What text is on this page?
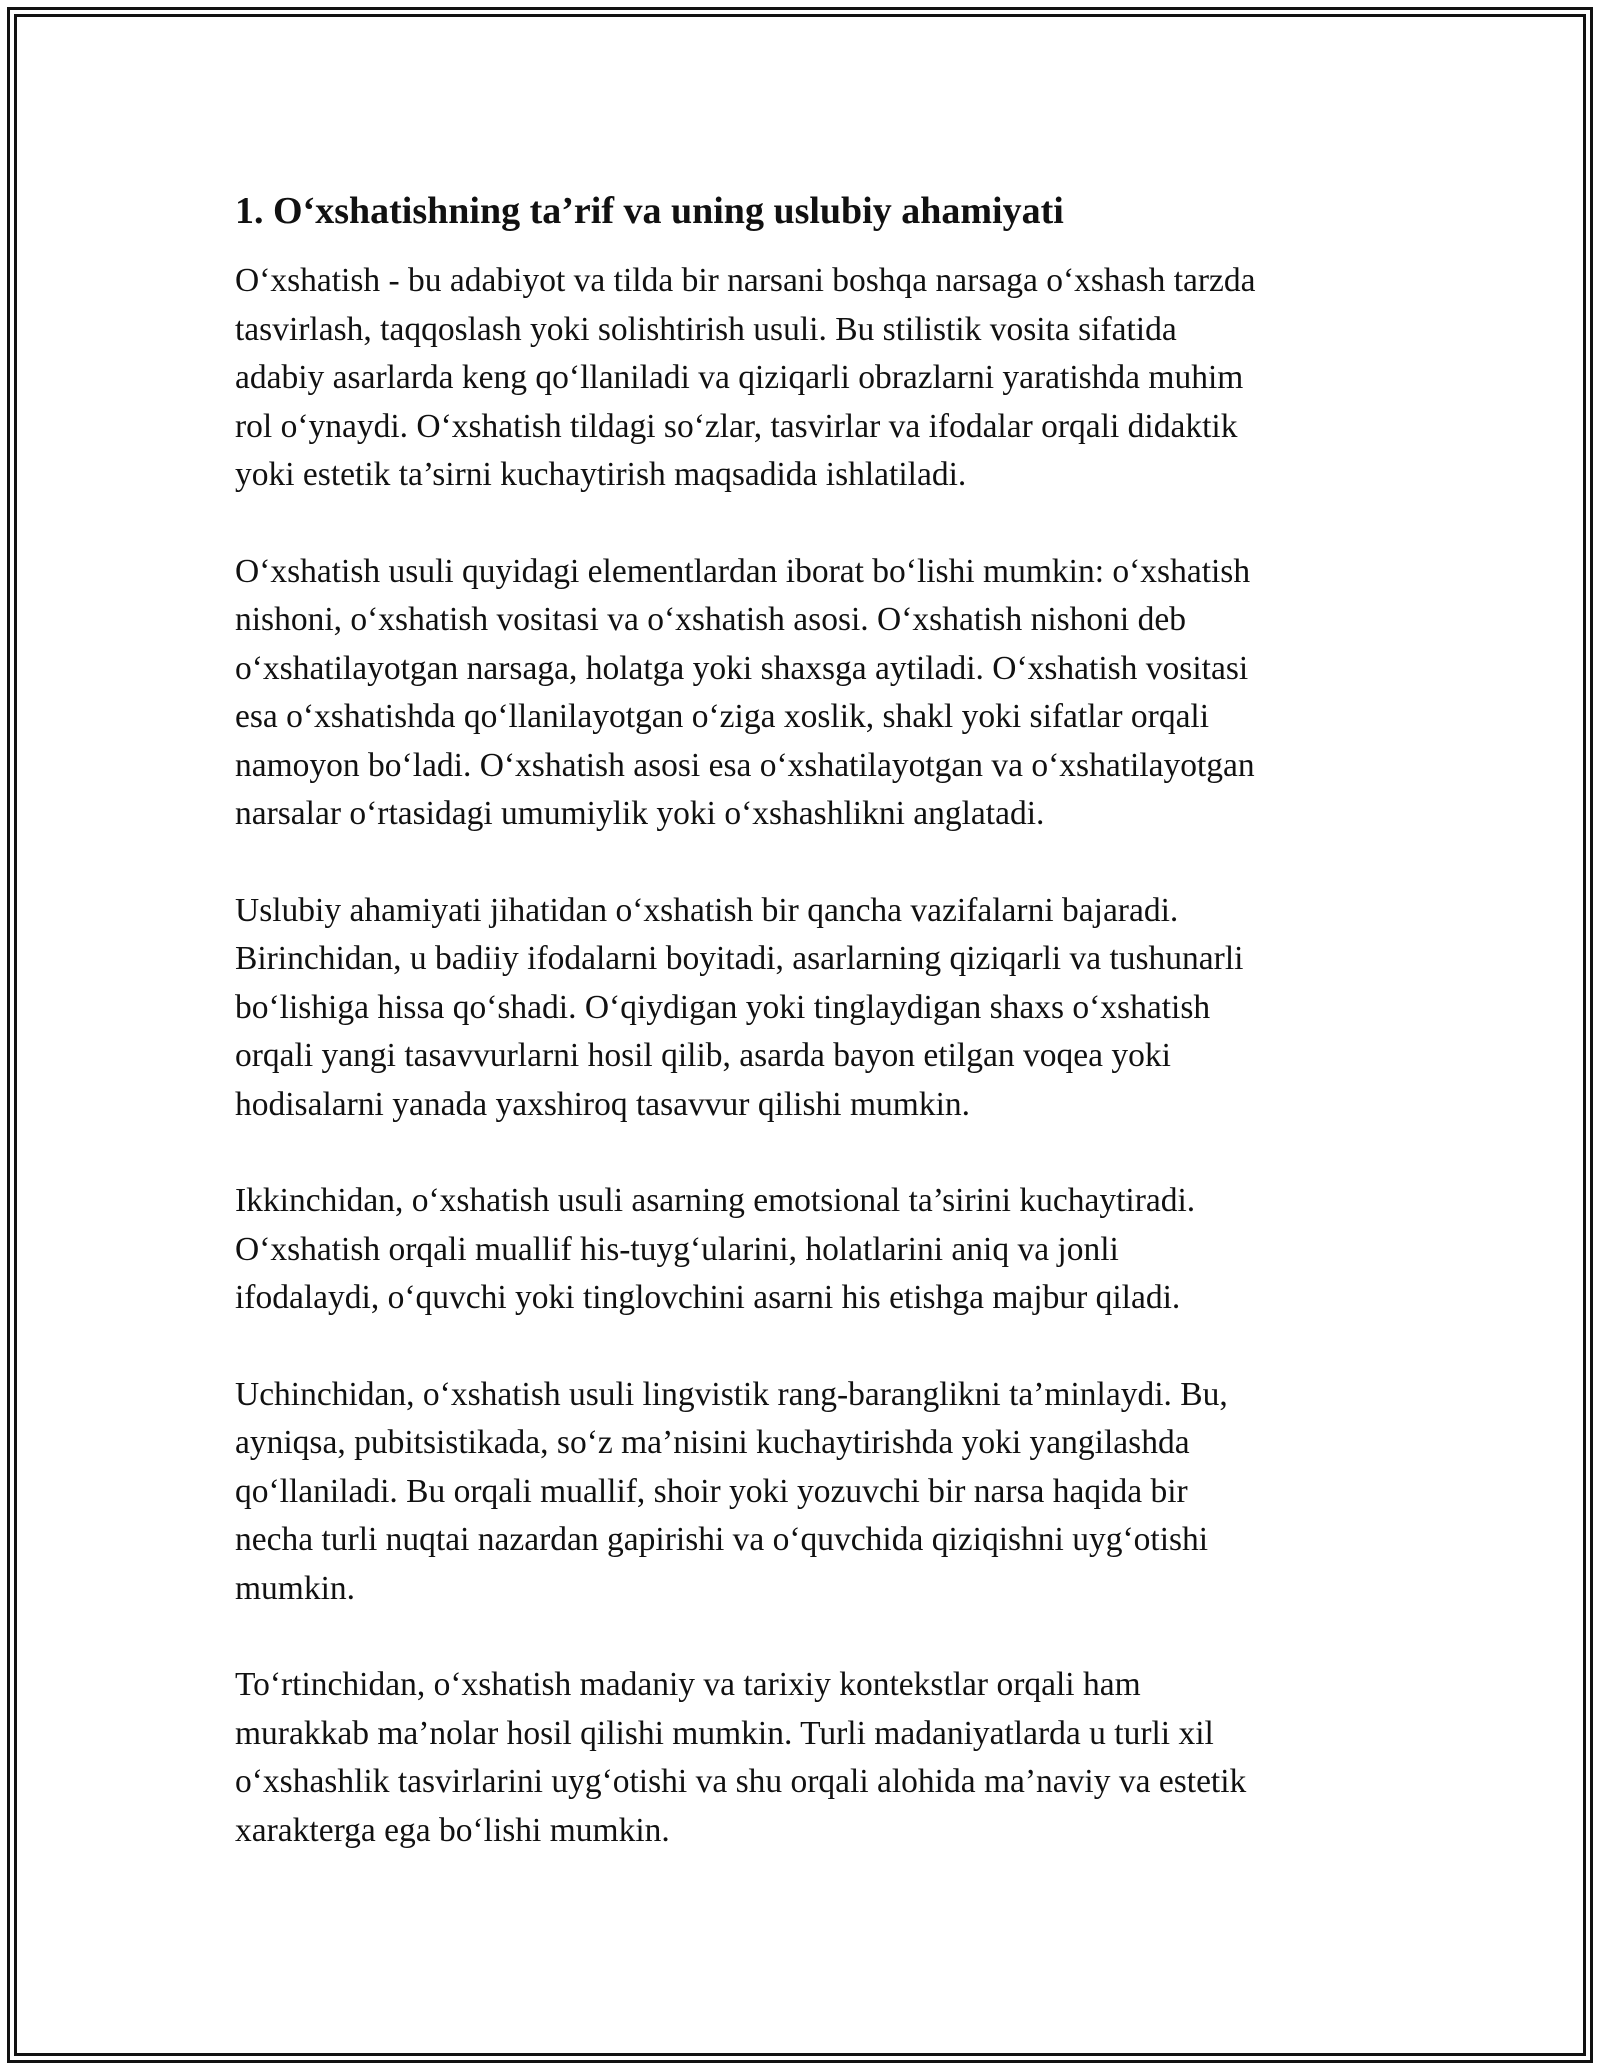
1. O‘xshatishning ta’rif va uning uslubiy ahamiyati
O‘xshatish - bu adabiyot va tilda bir narsani boshqa narsaga o‘xshash tarzda
tasvirlash, taqqoslash yoki solishtirish usuli. Bu stilistik vosita sifatida
adabiy asarlarda keng qo‘llaniladi va qiziqarli obrazlarni yaratishda muhim
rol o‘ynaydi. O‘xshatish tildagi so‘zlar, tasvirlar va ifodalar orqali didaktik
yoki estetik ta’sirni kuchaytirish maqsadida ishlatiladi.
O‘xshatish usuli quyidagi elementlardan iborat bo‘lishi mumkin: o‘xshatish
nishoni, o‘xshatish vositasi va o‘xshatish asosi. O‘xshatish nishoni deb
o‘xshatilayotgan narsaga, holatga yoki shaxsga aytiladi. O‘xshatish vositasi
esa o‘xshatishda qo‘llanilayotgan o‘ziga xoslik, shakl yoki sifatlar orqali
namoyon bo‘ladi. O‘xshatish asosi esa o‘xshatilayotgan va o‘xshatilayotgan
narsalar o‘rtasidagi umumiylik yoki o‘xshashlikni anglatadi.
Uslubiy ahamiyati jihatidan o‘xshatish bir qancha vazifalarni bajaradi.
Birinchidan, u badiiy ifodalarni boyitadi, asarlarning qiziqarli va tushunarli
bo‘lishiga hissa qo‘shadi. O‘qiydigan yoki tinglaydigan shaxs o‘xshatish
orqali yangi tasavvurlarni hosil qilib, asarda bayon etilgan voqea yoki
hodisalarni yanada yaxshiroq tasavvur qilishi mumkin.
Ikkinchidan, o‘xshatish usuli asarning emotsional ta’sirini kuchaytiradi.
O‘xshatish orqali muallif his-tuyg‘ularini, holatlarini aniq va jonli
ifodalaydi, o‘quvchi yoki tinglovchini asarni his etishga majbur qiladi.
Uchinchidan, o‘xshatish usuli lingvistik rang-baranglikni ta’minlaydi. Bu,
ayniqsa, pubitsistikada, so‘z ma’nisini kuchaytirishda yoki yangilashda
qo‘llaniladi. Bu orqali muallif, shoir yoki yozuvchi bir narsa haqida bir
necha turli nuqtai nazardan gapirishi va o‘quvchida qiziqishni uyg‘otishi
mumkin.
To‘rtinchidan, o‘xshatish madaniy va tarixiy kontekstlar orqali ham
murakkab ma’nolar hosil qilishi mumkin. Turli madaniyatlarda u turli xil
o‘xshashlik tasvirlarini uyg‘otishi va shu orqali alohida ma’naviy va estetik
xarakterga ega bo‘lishi mumkin.
